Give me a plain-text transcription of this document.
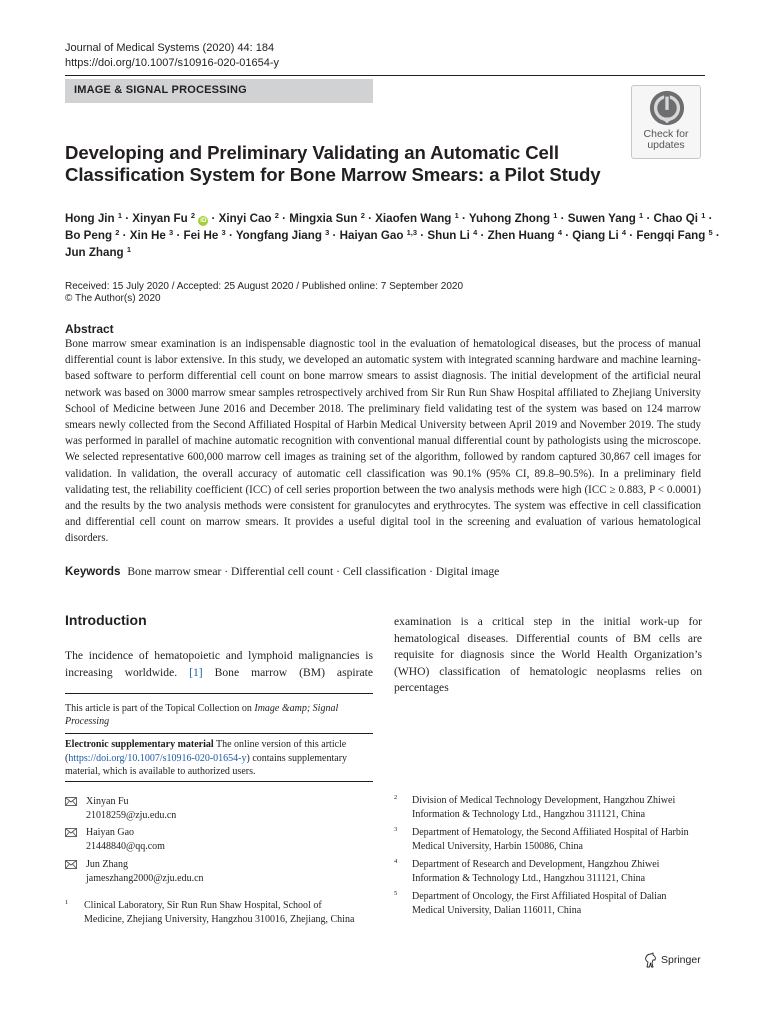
Journal of Medical Systems (2020) 44: 184
https://doi.org/10.1007/s10916-020-01654-y
IMAGE & SIGNAL PROCESSING
Check for
updates
Developing and Preliminary Validating an Automatic Cell
Classification System for Bone Marrow Smears: a Pilot Study
Hong Jin $^1$ · Xinyan Fu $^2$ iD · Xinyi Cao $^2$ · Mingxia Sun $^2$ · Xiaofen Wang $^1$ · Yuhong Zhong $^1$ · Suwen Yang $^1$ · Chao Qi $^1$ ·
Bo Peng $^2$ · Xin He $^3$ · Fei He $^3$ · Yongfang Jiang $^3$ · Haiyan Gao $^{1,3}$ · Shun Li $^4$ · Zhen Huang $^4$ · Qiang Li $^4$ · Fengqi Fang $^5$ ·
Jun Zhang $^1$
Received: 15 July 2020 / Accepted: 25 August 2020 / Published online: 7 September 2020
© The Author(s) 2020
Abstract
Bone marrow smear examination is an indispensable diagnostic tool in the evaluation of hematological diseases, but the process of manual differential count is labor extensive. In this study, we developed an automatic system with integrated scanning hardware and machine learning-based software to perform differential cell count on bone marrow smears to assist diagnosis. The initial development of the artificial neural network was based on 3000 marrow smear samples retrospectively archived from Sir Run Run Shaw Hospital affiliated to Zhejiang University School of Medicine between June 2016 and December 2018. The preliminary field validating test of the system was based on 124 marrow smears newly collected from the Second Affiliated Hospital of Harbin Medical University between April 2019 and November 2019. The study was performed in parallel of machine automatic recognition with conventional manual differential count by pathologists using the microscope. We selected representative 600,000 marrow cell images as training set of the algorithm, followed by random captured 30,867 cell images for validation. In validation, the overall accuracy of automatic cell classification was 90.1% (95% CI, 89.8–90.5%). In a preliminary field validating test, the reliability coefficient (ICC) of cell series proportion between the two analysis methods were high (ICC ≥ 0.883, P < 0.0001) and the results by the two analysis methods were consistent for granulocytes and erythrocytes. The system was effective in cell classification and differential cell count on marrow smears. It provides a useful digital tool in the screening and evaluation of various hematological disorders.
Keywords Bone marrow smear · Differential cell count · Cell classification · Digital image
Introduction
The incidence of hematopoietic and lymphoid malignancies is increasing worldwide. [1] Bone marrow (BM) aspirate
examination is a critical step in the initial work-up for hematological diseases. Differential counts of BM cells are requisite for diagnosis since the World Health Organization’s (WHO) classification of hematologic neoplasms relies on percentages
This article is part of the Topical Collection on Image &amp; Signal Processing
Electronic supplementary material The online version of this article (https://doi.org/10.1007/s10916-020-01654-y) contains supplementary material, which is available to authorized users.
Xinyan Fu
21018259@zju.edu.cn
Haiyan Gao
21448840@qq.com
Jun Zhang
jameszhang2000@zju.edu.cn
1 Clinical Laboratory, Sir Run Run Shaw Hospital, School of
Medicine, Zhejiang University, Hangzhou 310016, Zhejiang, China
2 Division of Medical Technology Development, Hangzhou Zhiwei
Information & Technology Ltd., Hangzhou 311121, China
3 Department of Hematology, the Second Affiliated Hospital of Harbin
Medical University, Harbin 150086, China
4 Department of Research and Development, Hangzhou Zhiwei
Information & Technology Ltd., Hangzhou 311121, China
5 Department of Oncology, the First Affiliated Hospital of Dalian
Medical University, Dalian 116011, China
Springer
